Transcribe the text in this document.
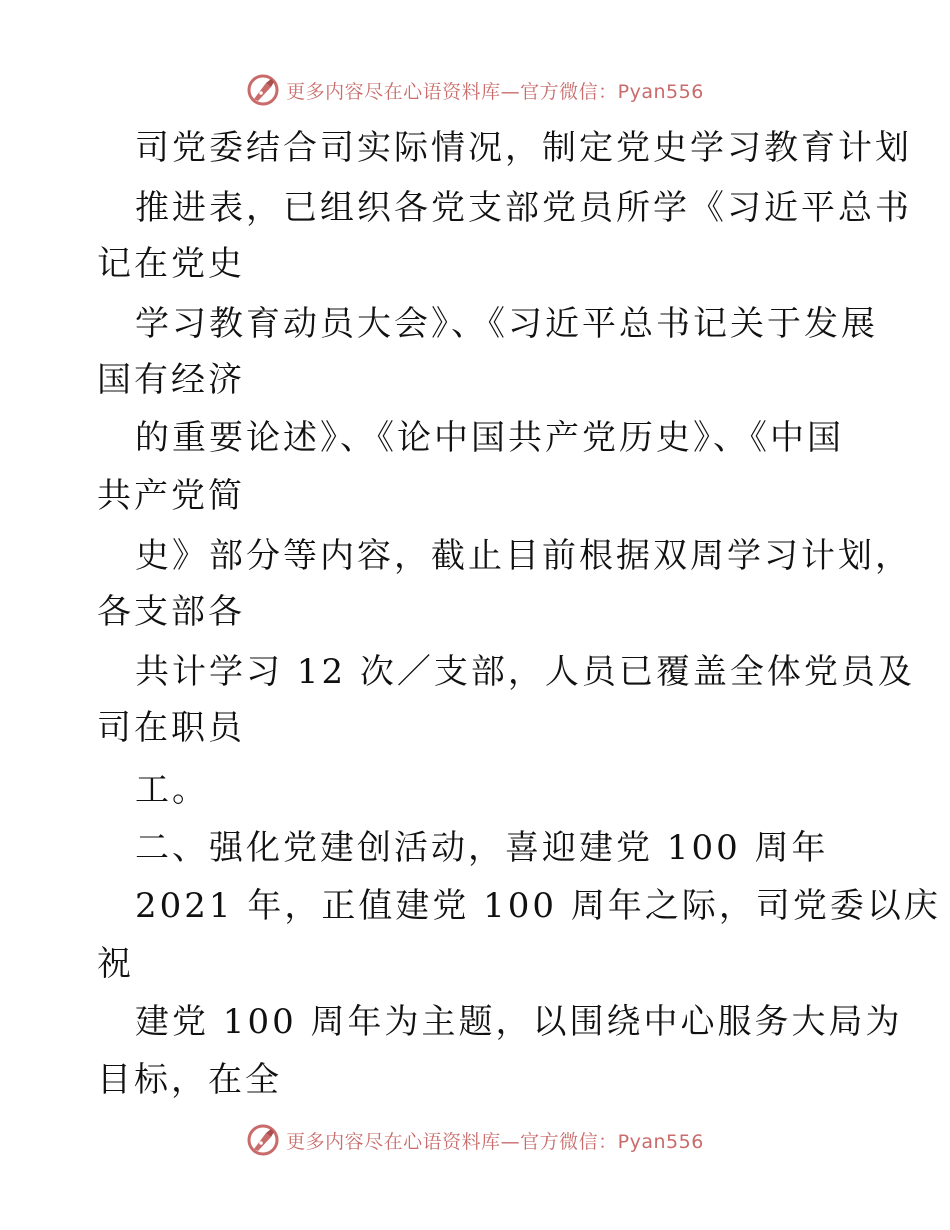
更多内容尽在心语资料库—官方微信：Pyan556
司党委结合司实际情况，制定党史学习教育计划
推进表，已组织各党支部党员所学《习近平总书
记在党史
学习教育动员大会》、《习近平总书记关于发展
国有经济
的重要论述》、《论中国共产党历史》、《中国
共产党简
史》部分等内容，截止目前根据双周学习计划，
各支部各
共计学习 12 次／支部，人员已覆盖全体党员及
司在职员
工。
二、强化党建创活动，喜迎建党 100 周年
2021 年，正值建党 100 周年之际，司党委以庆
祝
建党 100 周年为主题，以围绕中心服务大局为
目标，在全
更多内容尽在心语资料库—官方微信：Pyan556
